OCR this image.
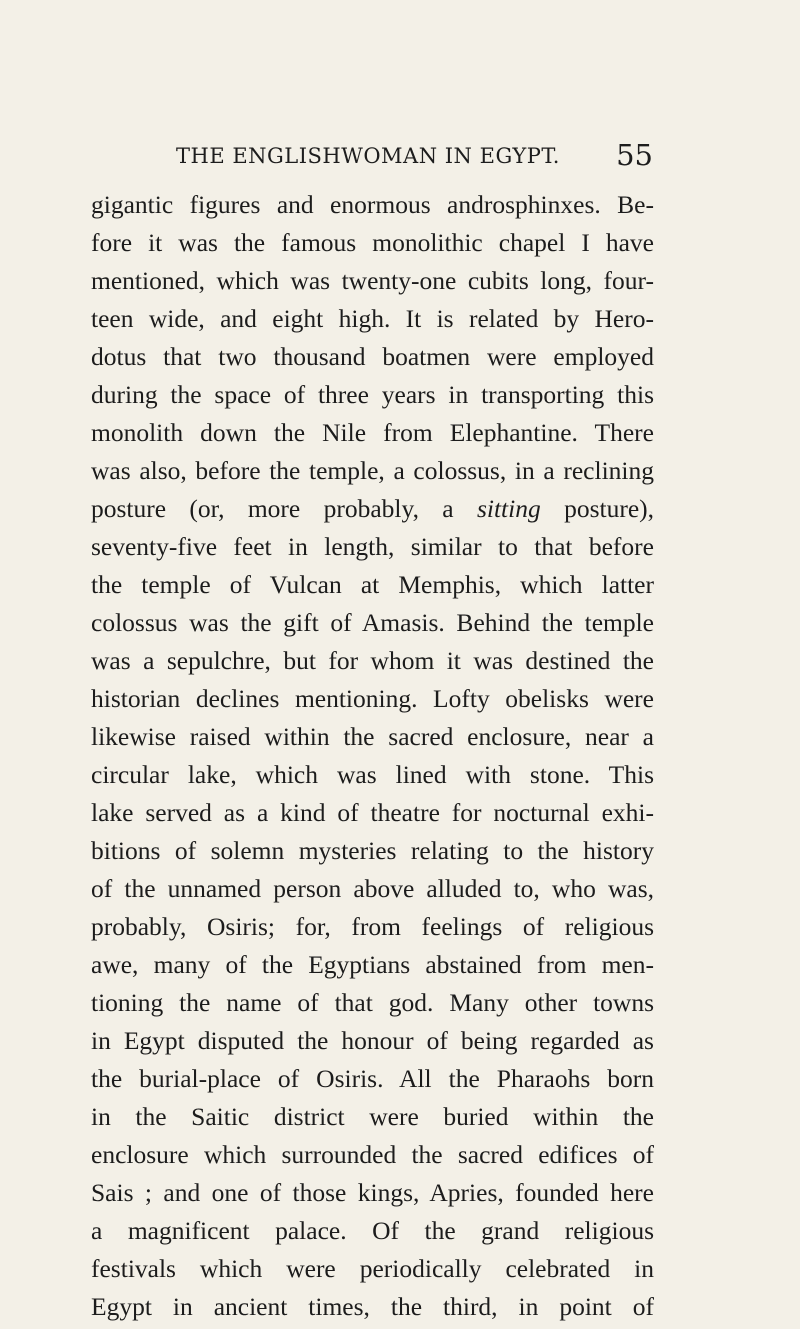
THE ENGLISHWOMAN IN EGYPT. 55
gigantic figures and enormous androsphinxes. Be-
fore it was the famous monolithic chapel I have
mentioned, which was twenty-one cubits long, four-
teen wide, and eight high. It is related by Hero-
dotus that two thousand boatmen were employed
during the space of three years in transporting this
monolith down the Nile from Elephantine. There
was also, before the temple, a colossus, in a reclining
posture (or, more probably, a sitting posture),
seventy-five feet in length, similar to that before
the temple of Vulcan at Memphis, which latter
colossus was the gift of Amasis. Behind the temple
was a sepulchre, but for whom it was destined the
historian declines mentioning. Lofty obelisks were
likewise raised within the sacred enclosure, near a
circular lake, which was lined with stone. This
lake served as a kind of theatre for nocturnal exhi-
bitions of solemn mysteries relating to the history
of the unnamed person above alluded to, who was,
probably, Osiris; for, from feelings of religious
awe, many of the Egyptians abstained from men-
tioning the name of that god. Many other towns
in Egypt disputed the honour of being regarded as
the burial-place of Osiris. All the Pharaohs born
in the Saitic district were buried within the
enclosure which surrounded the sacred edifices of
Sais ; and one of those kings, Apries, founded here
a magnificent palace. Of the grand religious
festivals which were periodically celebrated in
Egypt in ancient times, the third, in point of
